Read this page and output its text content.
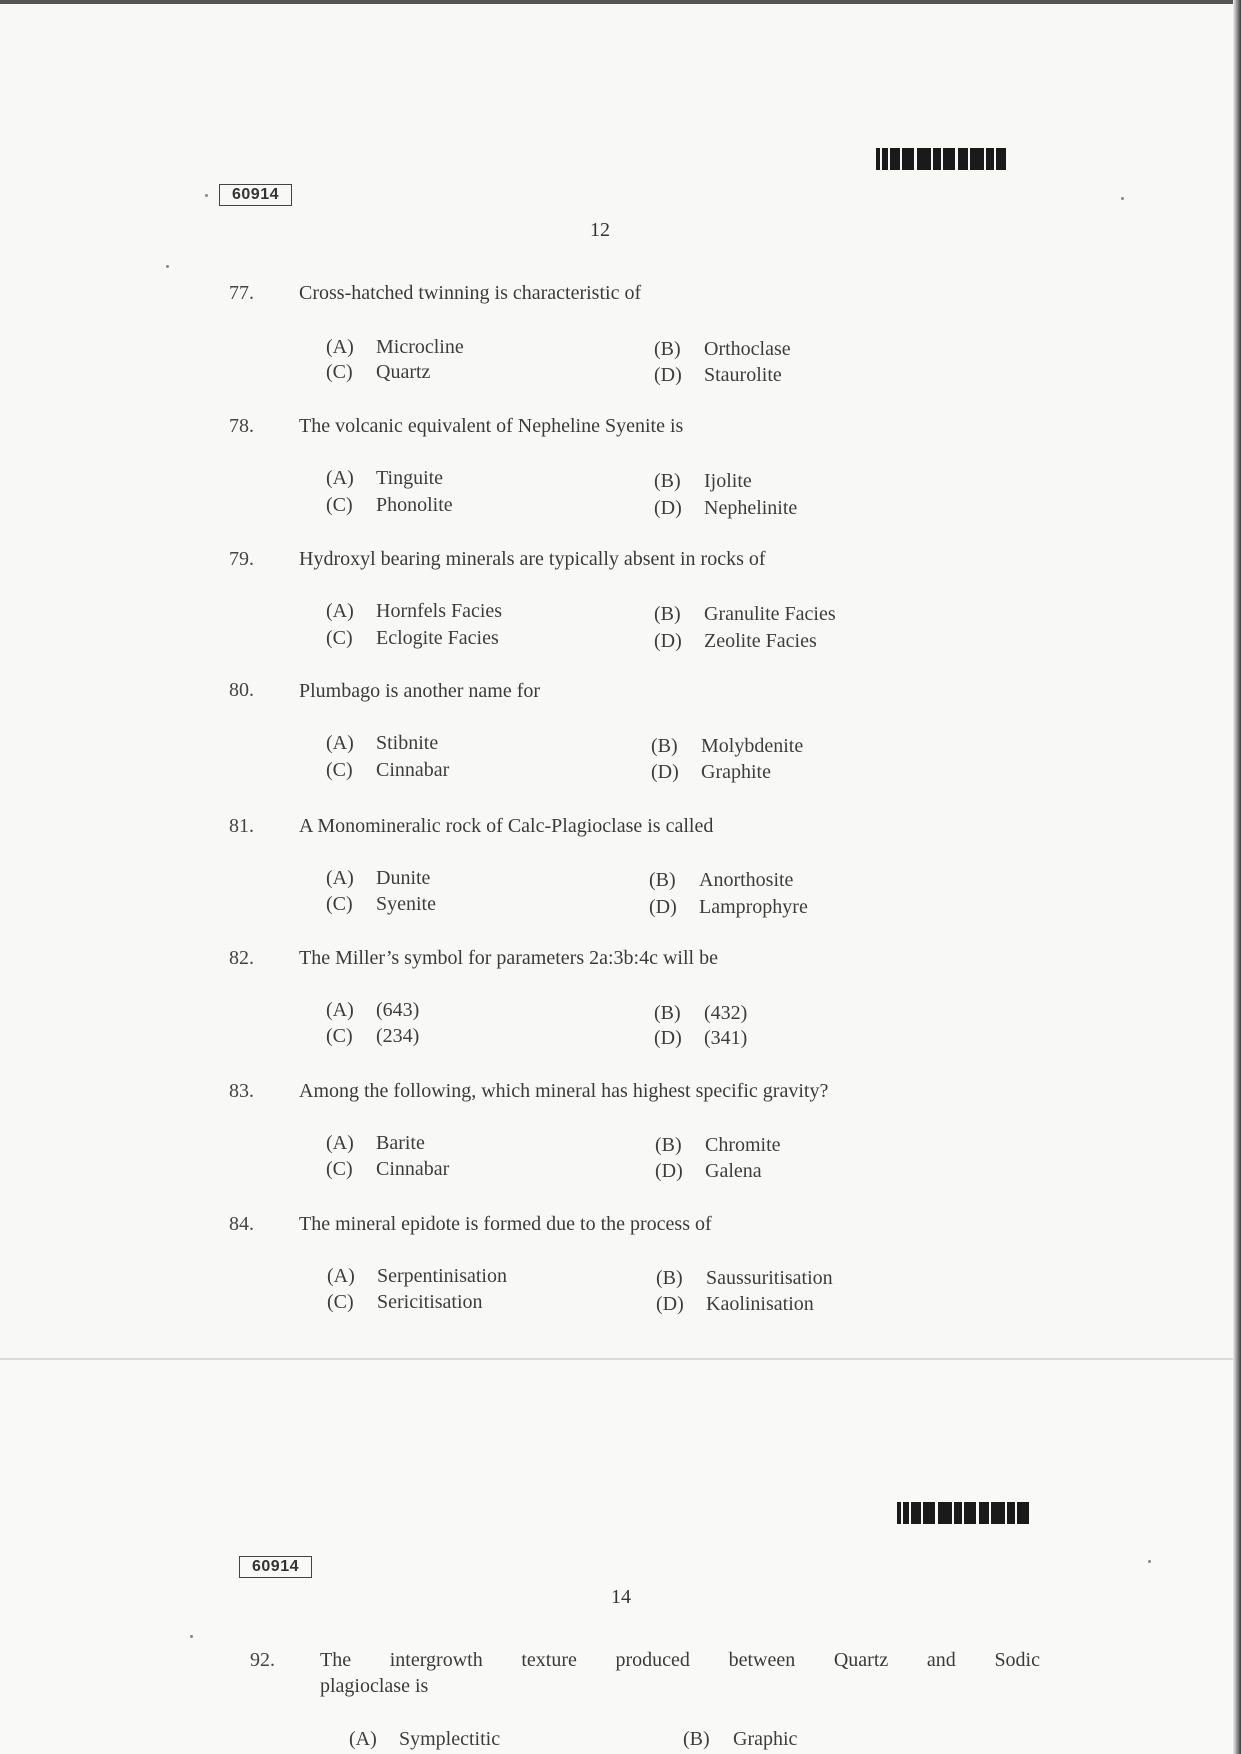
60914
12
77. Cross-hatched twinning is characteristic of
(A) Microcline	(B) Orthoclase
(C) Quartz	(D) Staurolite
78. The volcanic equivalent of Nepheline Syenite is
(A) Tinguite	(B) Ijolite
(C) Phonolite	(D) Nephelinite
79. Hydroxyl bearing minerals are typically absent in rocks of
(A) Hornfels Facies	(B) Granulite Facies
(C) Eclogite Facies	(D) Zeolite Facies
80. Plumbago is another name for
(A) Stibnite	(B) Molybdenite
(C) Cinnabar	(D) Graphite
81. A Monomineralic rock of Calc-Plagioclase is called
(A) Dunite	(B) Anorthosite
(C) Syenite	(D) Lamprophyre
82. The Miller’s symbol for parameters 2a:3b:4c will be
(A) (643)	(B) (432)
(C) (234)	(D) (341)
83. Among the following, which mineral has highest specific gravity?
(A) Barite	(B) Chromite
(C) Cinnabar	(D) Galena
84. The mineral epidote is formed due to the process of
(A) Serpentinisation	(B) Saussuritisation
(C) Sericitisation	(D) Kaolinisation
60914
14
92. The intergrowth texture produced between Quartz and Sodic
plagioclase is
(A) Symplectitic	(B) Graphic
